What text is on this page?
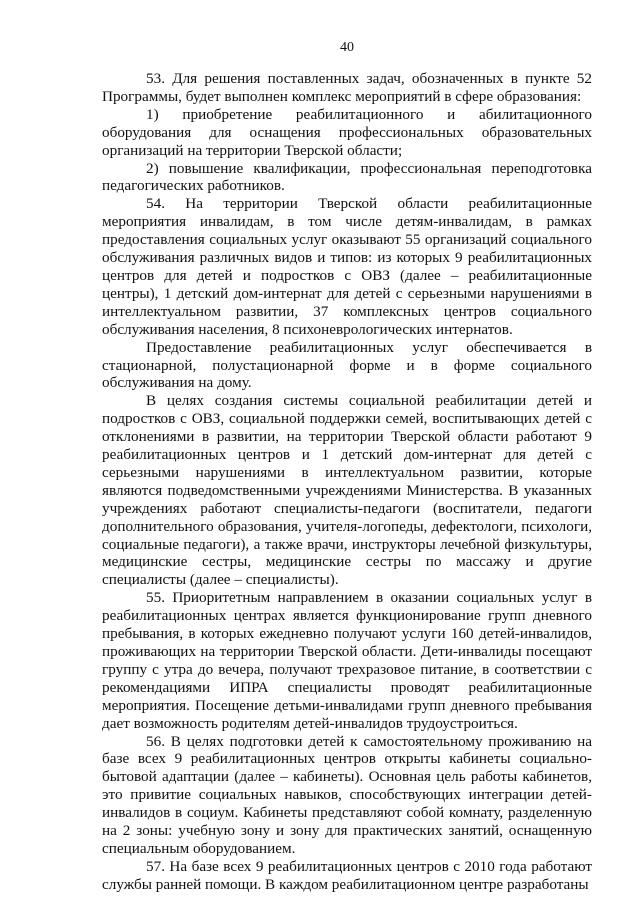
40

53. Для решения поставленных задач, обозначенных в пункте 52 Программы, будет выполнен комплекс мероприятий в сфере образования:

1) приобретение реабилитационного и абилитационного оборудования для оснащения профессиональных образовательных организаций на территории Тверской области;

2) повышение квалификации, профессиональная переподготовка педагогических работников.

54. На территории Тверской области реабилитационные мероприятия инвалидам, в том числе детям-инвалидам, в рамках предоставления социальных услуг оказывают 55 организаций социального обслуживания различных видов и типов: из которых 9 реабилитационных центров для детей и подростков с ОВЗ (далее – реабилитационные центры), 1 детский дом-интернат для детей с серьезными нарушениями в интеллектуальном развитии, 37 комплексных центров социального обслуживания населения, 8 психоневрологических интернатов.

Предоставление реабилитационных услуг обеспечивается в стационарной, полустационарной форме и в форме социального обслуживания на дому.

В целях создания системы социальной реабилитации детей и подростков с ОВЗ, социальной поддержки семей, воспитывающих детей с отклонениями в развитии, на территории Тверской области работают 9 реабилитационных центров и 1 детский дом-интернат для детей с серьезными нарушениями в интеллектуальном развитии, которые являются подведомственными учреждениями Министерства. В указанных учреждениях работают специалисты-педагоги (воспитатели, педагоги дополнительного образования, учителя-логопеды, дефектологи, психологи, социальные педагоги), а также врачи, инструкторы лечебной физкультуры, медицинские сестры, медицинские сестры по массажу и другие специалисты (далее – специалисты).

55. Приоритетным направлением в оказании социальных услуг в реабилитационных центрах является функционирование групп дневного пребывания, в которых ежедневно получают услуги 160 детей-инвалидов, проживающих на территории Тверской области. Дети-инвалиды посещают группу с утра до вечера, получают трехразовое питание, в соответствии с рекомендациями ИПРА специалисты проводят реабилитационные мероприятия. Посещение детьми-инвалидами групп дневного пребывания дает возможность родителям детей-инвалидов трудоустроиться.

56. В целях подготовки детей к самостоятельному проживанию на базе всех 9 реабилитационных центров открыты кабинеты социально-бытовой адаптации (далее – кабинеты). Основная цель работы кабинетов, это привитие социальных навыков, способствующих интеграции детей-инвалидов в социум. Кабинеты представляют собой комнату, разделенную на 2 зоны: учебную зону и зону для практических занятий, оснащенную специальным оборудованием.

57. На базе всех 9 реабилитационных центров с 2010 года работают службы ранней помощи. В каждом реабилитационном центре разработаны
